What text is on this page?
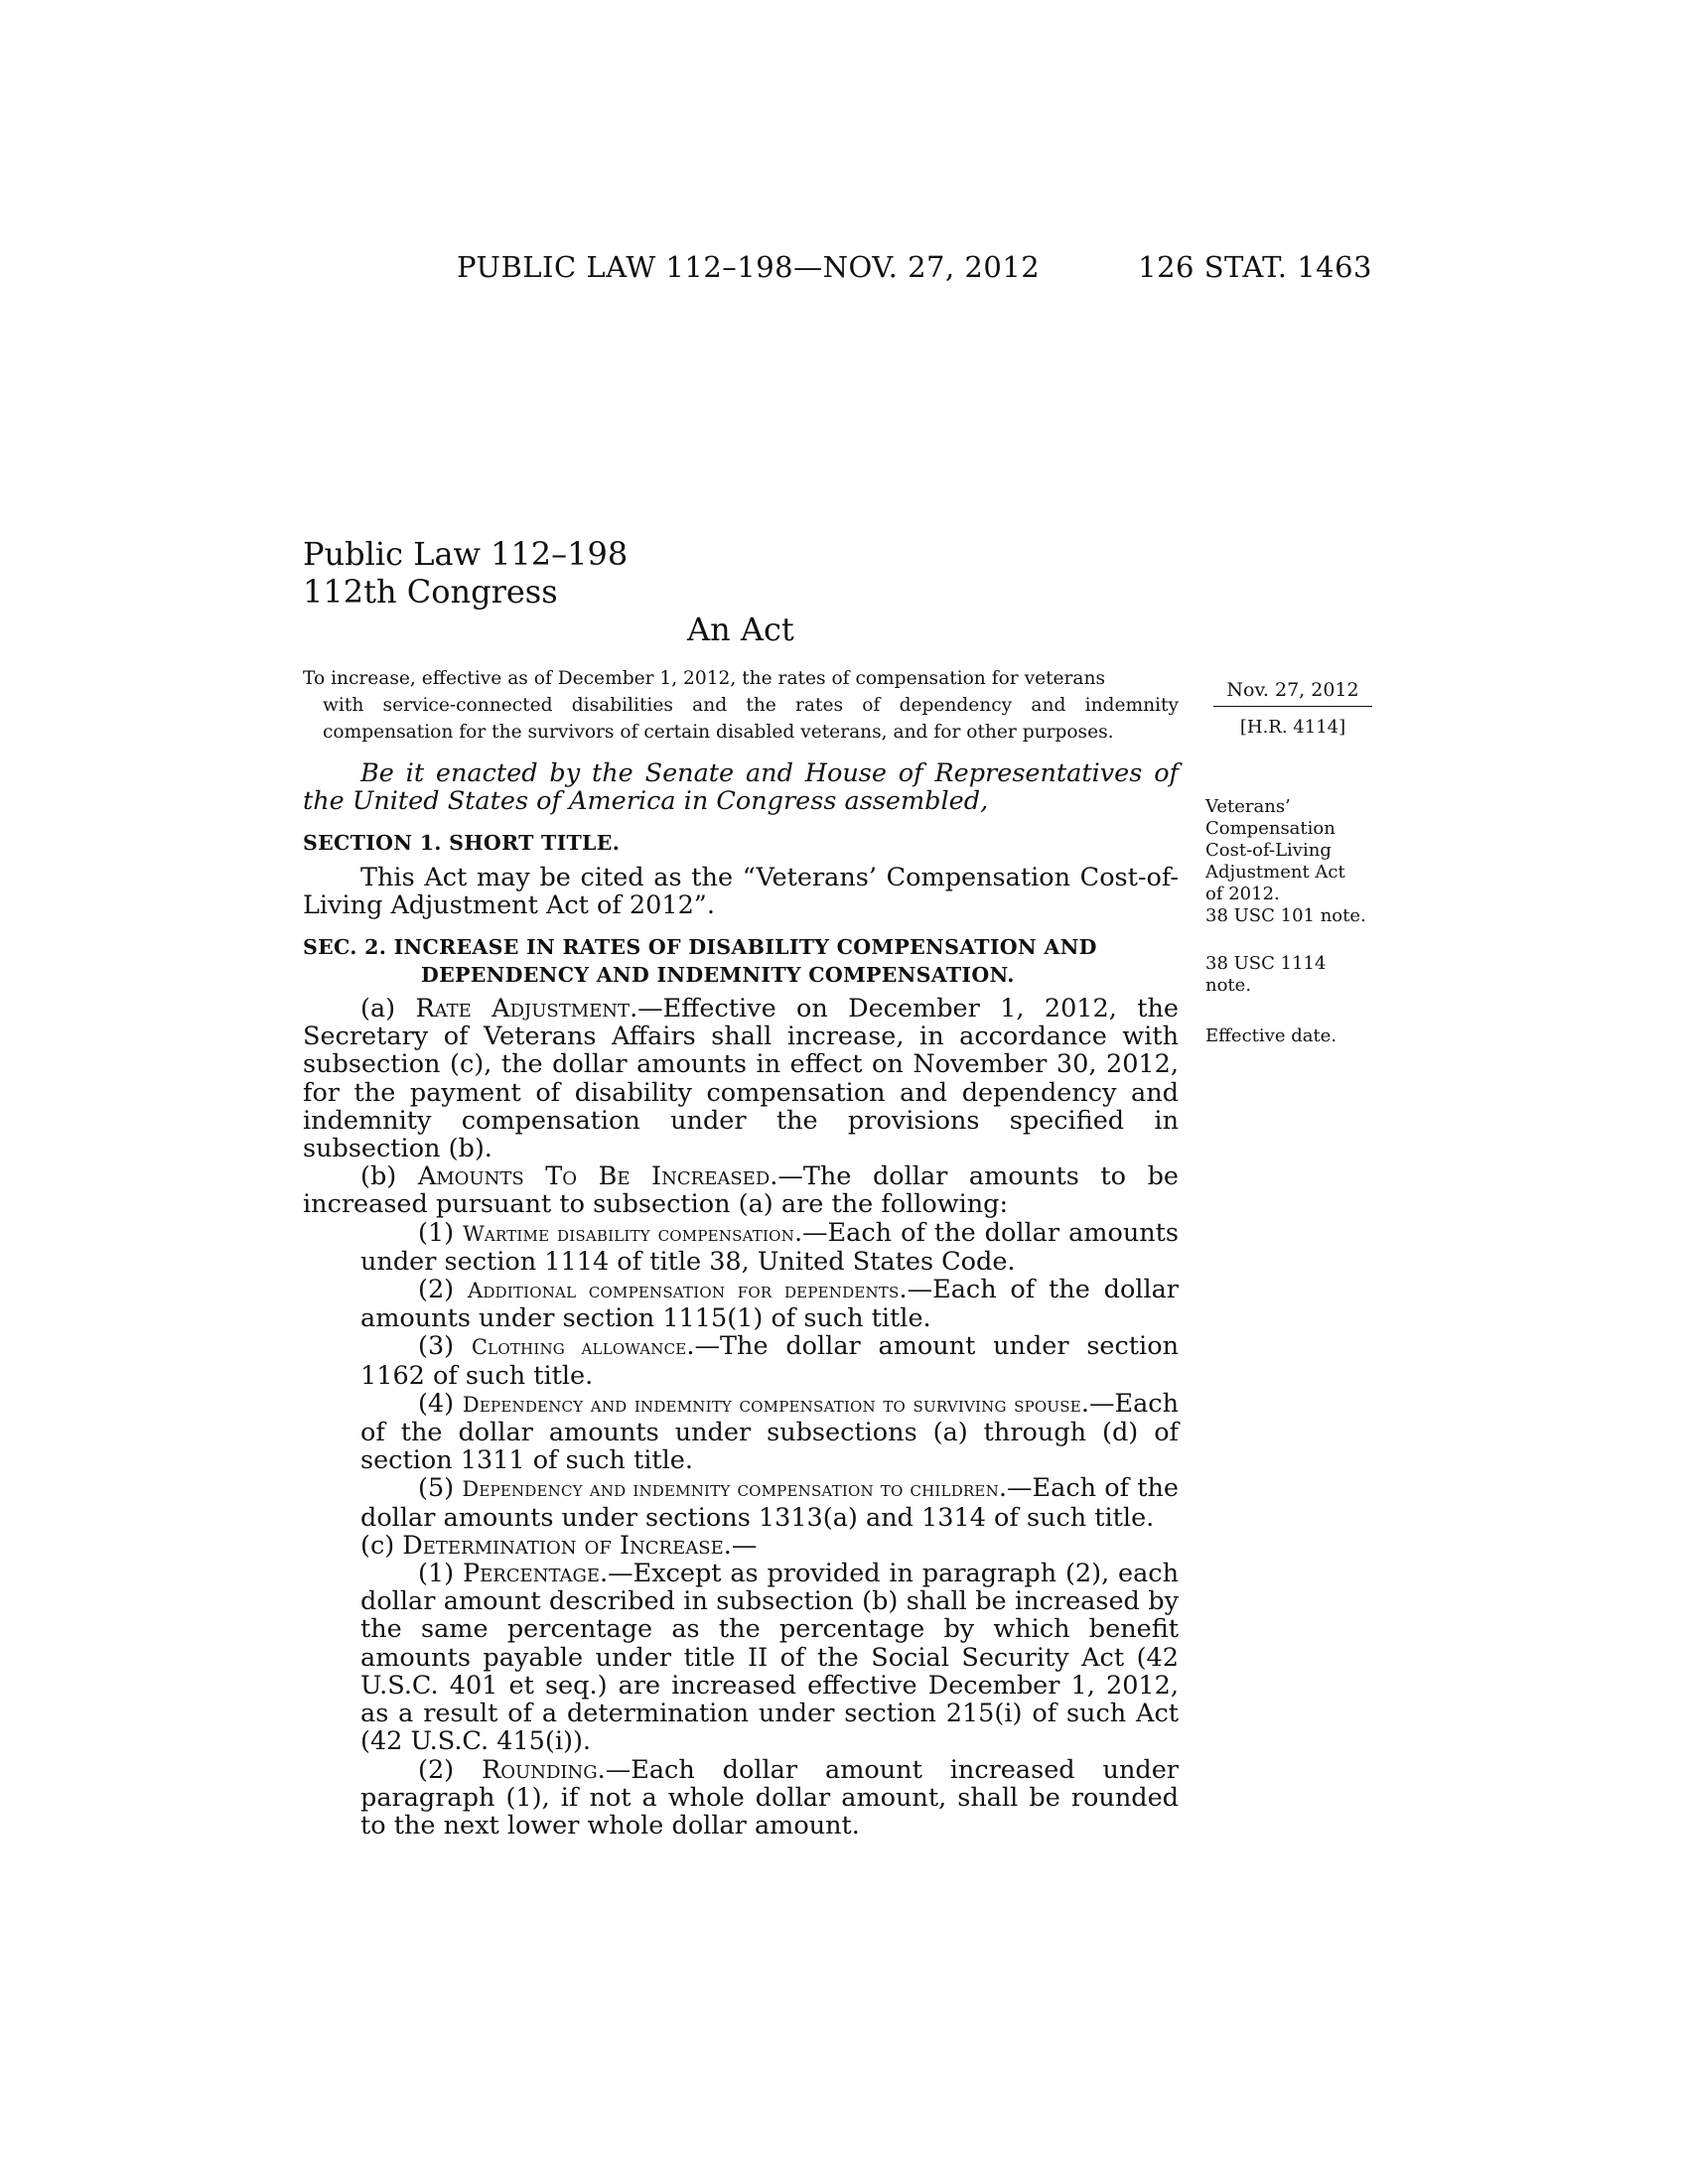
PUBLIC LAW 112–198—NOV. 27, 2012	126 STAT. 1463
Public Law 112–198
112th Congress
An Act
To increase, effective as of December 1, 2012, the rates of compensation for veterans
with service-connected disabilities and the rates of dependency and indemnity compensation for the survivors of certain disabled veterans, and for other purposes.
Nov. 27, 2012
[H.R. 4114]
Veterans’
Compensation
Cost-of-Living
Adjustment Act
of 2012.
38 USC 101 note.
38 USC 1114
note.
Effective date.

Be it enacted by the Senate and House of Representatives of the United States of America in Congress assembled,

SECTION 1. SHORT TITLE.

This Act may be cited as the “Veterans’ Compensation Cost-of-Living Adjustment Act of 2012”.

SEC. 2. INCREASE IN RATES OF DISABILITY COMPENSATION AND
DEPENDENCY AND INDEMNITY COMPENSATION.

(a) Rate Adjustment.—Effective on December 1, 2012, the Secretary of Veterans Affairs shall increase, in accordance with subsection (c), the dollar amounts in effect on November 30, 2012, for the payment of disability compensation and dependency and indemnity compensation under the provisions specified in subsection (b).

(b) Amounts To Be Increased.—The dollar amounts to be increased pursuant to subsection (a) are the following:

(1) Wartime disability compensation.—Each of the dollar amounts under section 1114 of title 38, United States Code.

(2) Additional compensation for dependents.—Each of the dollar amounts under section 1115(1) of such title.

(3) Clothing allowance.—The dollar amount under section 1162 of such title.

(4) Dependency and indemnity compensation to surviving spouse.—Each of the dollar amounts under subsections (a) through (d) of section 1311 of such title.

(5) Dependency and indemnity compensation to children.—Each of the dollar amounts under sections 1313(a) and 1314 of such title.

(c) Determination of Increase.—

(1) Percentage.—Except as provided in paragraph (2), each dollar amount described in subsection (b) shall be increased by the same percentage as the percentage by which benefit amounts payable under title II of the Social Security Act (42 U.S.C. 401 et seq.) are increased effective December 1, 2012, as a result of a determination under section 215(i) of such Act (42 U.S.C. 415(i)).

(2) Rounding.—Each dollar amount increased under paragraph (1), if not a whole dollar amount, shall be rounded to the next lower whole dollar amount.
